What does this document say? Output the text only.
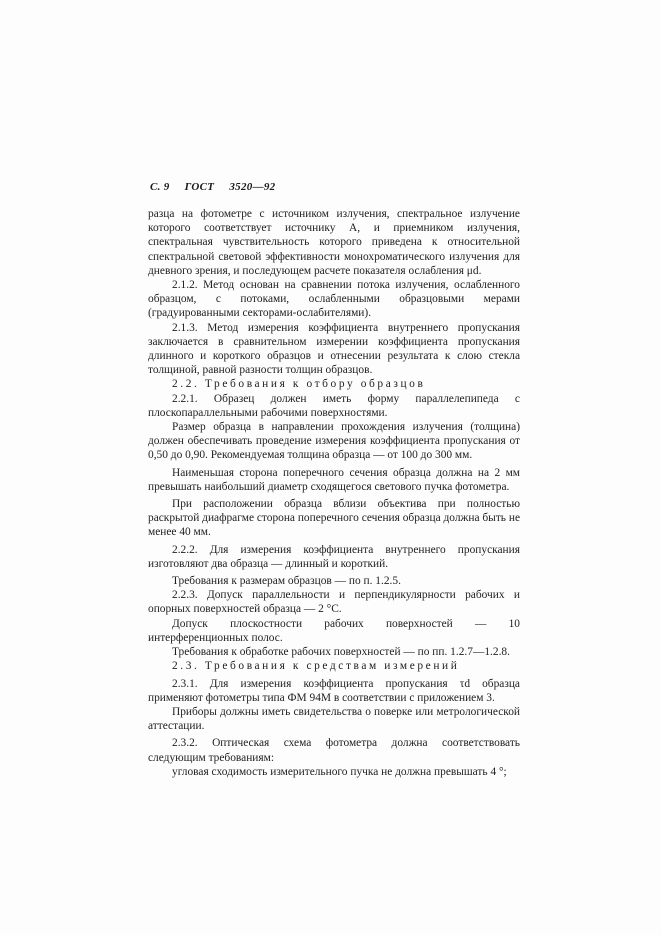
С. 9 ГОСТ 3520—92

разца на фотометре с источником излучения, спектральное излучение которого соответствует источнику A, и приемником излучения, спектральная чувствительность которого приведена к относительной спектральной световой эффективности монохроматического излучения для дневного зрения, и последующем расчете показателя ослабления μd.

2.1.2. Метод основан на сравнении потока излучения, ослабленного образцом, с потоками, ослабленными образцовыми мерами (градуированными секторами-ослабителями).

2.1.3. Метод измерения коэффициента внутреннего пропускания заключается в сравнительном измерении коэффициента пропускания длинного и короткого образцов и отнесении результата к слою стекла толщиной, равной разности толщин образцов.

2.2. Требования к отбору образцов

2.2.1. Образец должен иметь форму параллелепипеда с плоскопараллельными рабочими поверхностями.

Размер образца в направлении прохождения излучения (толщина) должен обеспечивать проведение измерения коэффициента пропускания от 0,50 до 0,90. Рекомендуемая толщина образца — от 100 до 300 мм.

Наименьшая сторона поперечного сечения образца должна на 2 мм превышать наибольший диаметр сходящегося светового пучка фотометра.

При расположении образца вблизи объектива при полностью раскрытой диафрагме сторона поперечного сечения образца должна быть не менее 40 мм.

2.2.2. Для измерения коэффициента внутреннего пропускания изготовляют два образца — длинный и короткий.

Требования к размерам образцов — по п. 1.2.5.

2.2.3. Допуск параллельности и перпендикулярности рабочих и опорных поверхностей образца — 2 °С.

Допуск плоскостности рабочих поверхностей — 10 интерференционных полос.

Требования к обработке рабочих поверхностей — по пп. 1.2.7—1.2.8.

2.3. Требования к средствам измерений

2.3.1. Для измерения коэффициента пропускания τd образца применяют фотометры типа ФМ 94М в соответствии с приложением 3.

Приборы должны иметь свидетельства о поверке или метрологической аттестации.

2.3.2. Оптическая схема фотометра должна соответствовать следующим требованиям:

угловая сходимость измерительного пучка не должна превышать 4 °;
